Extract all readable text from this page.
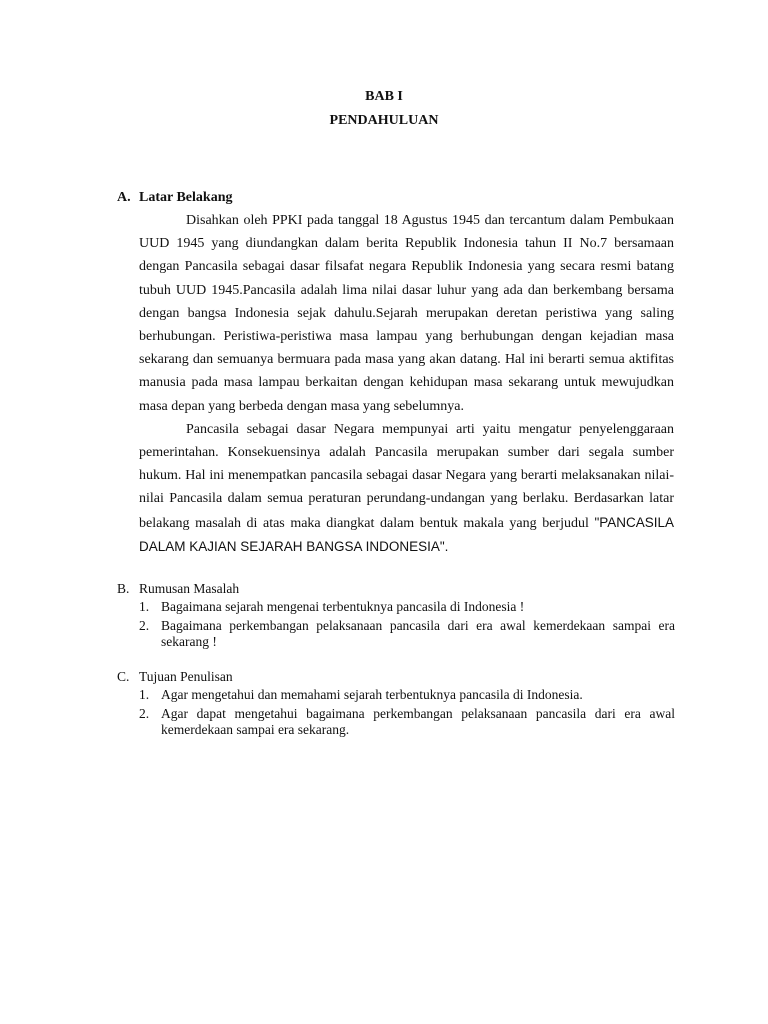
BAB I
PENDAHULUAN
A. Latar Belakang

Disahkan oleh PPKI pada tanggal 18 Agustus 1945 dan tercantum dalam Pembukaan UUD 1945 yang diundangkan dalam berita Republik Indonesia tahun II No.7 bersamaan dengan Pancasila sebagai dasar filsafat negara Republik Indonesia yang secara resmi batang tubuh UUD 1945.Pancasila adalah lima nilai dasar luhur yang ada dan berkembang bersama dengan bangsa Indonesia sejak dahulu.Sejarah merupakan deretan peristiwa yang saling berhubungan. Peristiwa-peristiwa masa lampau yang berhubungan dengan kejadian masa sekarang dan semuanya bermuara pada masa yang akan datang. Hal ini berarti semua aktifitas manusia pada masa lampau berkaitan dengan kehidupan masa sekarang untuk mewujudkan masa depan yang berbeda dengan masa yang sebelumnya.

Pancasila sebagai dasar Negara mempunyai arti yaitu mengatur penyelenggaraan pemerintahan. Konsekuensinya adalah Pancasila merupakan sumber dari segala sumber hukum. Hal ini menempatkan pancasila sebagai dasar Negara yang berarti melaksanakan nilai-nilai Pancasila dalam semua peraturan perundang-undangan yang berlaku. Berdasarkan latar belakang masalah di atas maka diangkat dalam bentuk makala yang berjudul "PANCASILA DALAM KAJIAN SEJARAH BANGSA INDONESIA".

B. Rumusan Masalah
1. Bagaimana sejarah mengenai terbentuknya pancasila di Indonesia !
2. Bagaimana perkembangan pelaksanaan pancasila dari era awal kemerdekaan sampai era sekarang !
C. Tujuan Penulisan
1. Agar mengetahui dan memahami sejarah terbentuknya pancasila di Indonesia.
2. Agar dapat mengetahui bagaimana perkembangan pelaksanaan pancasila dari era awal kemerdekaan sampai era sekarang.
